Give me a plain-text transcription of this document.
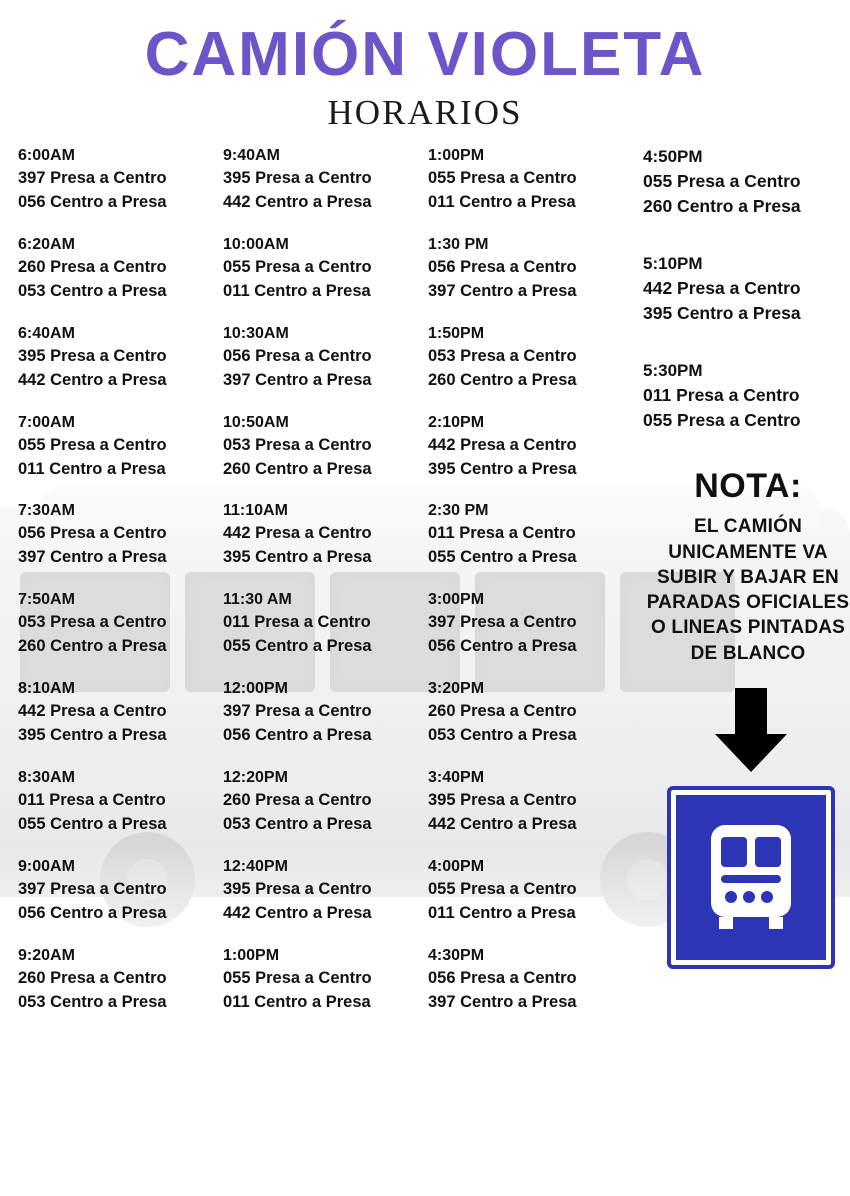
CAMIÓN VIOLETA
HORARIOS
6:00AM
397 Presa a Centro
056 Centro a Presa
6:20AM
260 Presa a Centro
053 Centro a Presa
6:40AM
395 Presa a Centro
442 Centro a Presa
7:00AM
055 Presa a Centro
011 Centro a Presa
7:30AM
056 Presa a Centro
397 Centro a Presa
7:50AM
053 Presa a Centro
260 Centro a Presa
8:10AM
442 Presa a Centro
395 Centro a Presa
8:30AM
011 Presa a Centro
055 Centro a Presa
9:00AM
397 Presa a Centro
056 Centro a Presa
9:20AM
260 Presa a Centro
053 Centro a Presa
9:40AM
395 Presa a Centro
442 Centro a Presa
10:00AM
055 Presa a Centro
011 Centro a Presa
10:30AM
056 Presa a Centro
397 Centro a Presa
10:50AM
053 Presa a Centro
260 Centro a Presa
11:10AM
442 Presa a Centro
395 Centro a Presa
11:30 AM
011 Presa a Centro
055 Centro a Presa
12:00PM
397 Presa a Centro
056 Centro a Presa
12:20PM
260 Presa a Centro
053 Centro a Presa
12:40PM
395 Presa a Centro
442 Centro a Presa
1:00PM
055 Presa a Centro
011 Centro a Presa
1:00PM
055 Presa a Centro
011 Centro a Presa
1:30 PM
056 Presa a Centro
397 Centro a Presa
1:50PM
053 Presa a Centro
260 Centro a Presa
2:10PM
442 Presa a Centro
395 Centro a Presa
2:30 PM
011 Presa a Centro
055 Centro a Presa
3:00PM
397 Presa a Centro
056 Centro a Presa
3:20PM
260 Presa a Centro
053 Centro a Presa
3:40PM
395 Presa a Centro
442 Centro a Presa
4:00PM
055 Presa a Centro
011 Centro a Presa
4:30PM
056 Presa a Centro
397 Centro a Presa
4:50PM
055 Presa a Centro
260 Centro a Presa
5:10PM
442 Presa a Centro
395 Centro a Presa
5:30PM
011 Presa a Centro
055 Presa a Centro
NOTA:
EL CAMIÓN UNICAMENTE VA SUBIR Y BAJAR EN PARADAS OFICIALES O LINEAS PINTADAS DE BLANCO
